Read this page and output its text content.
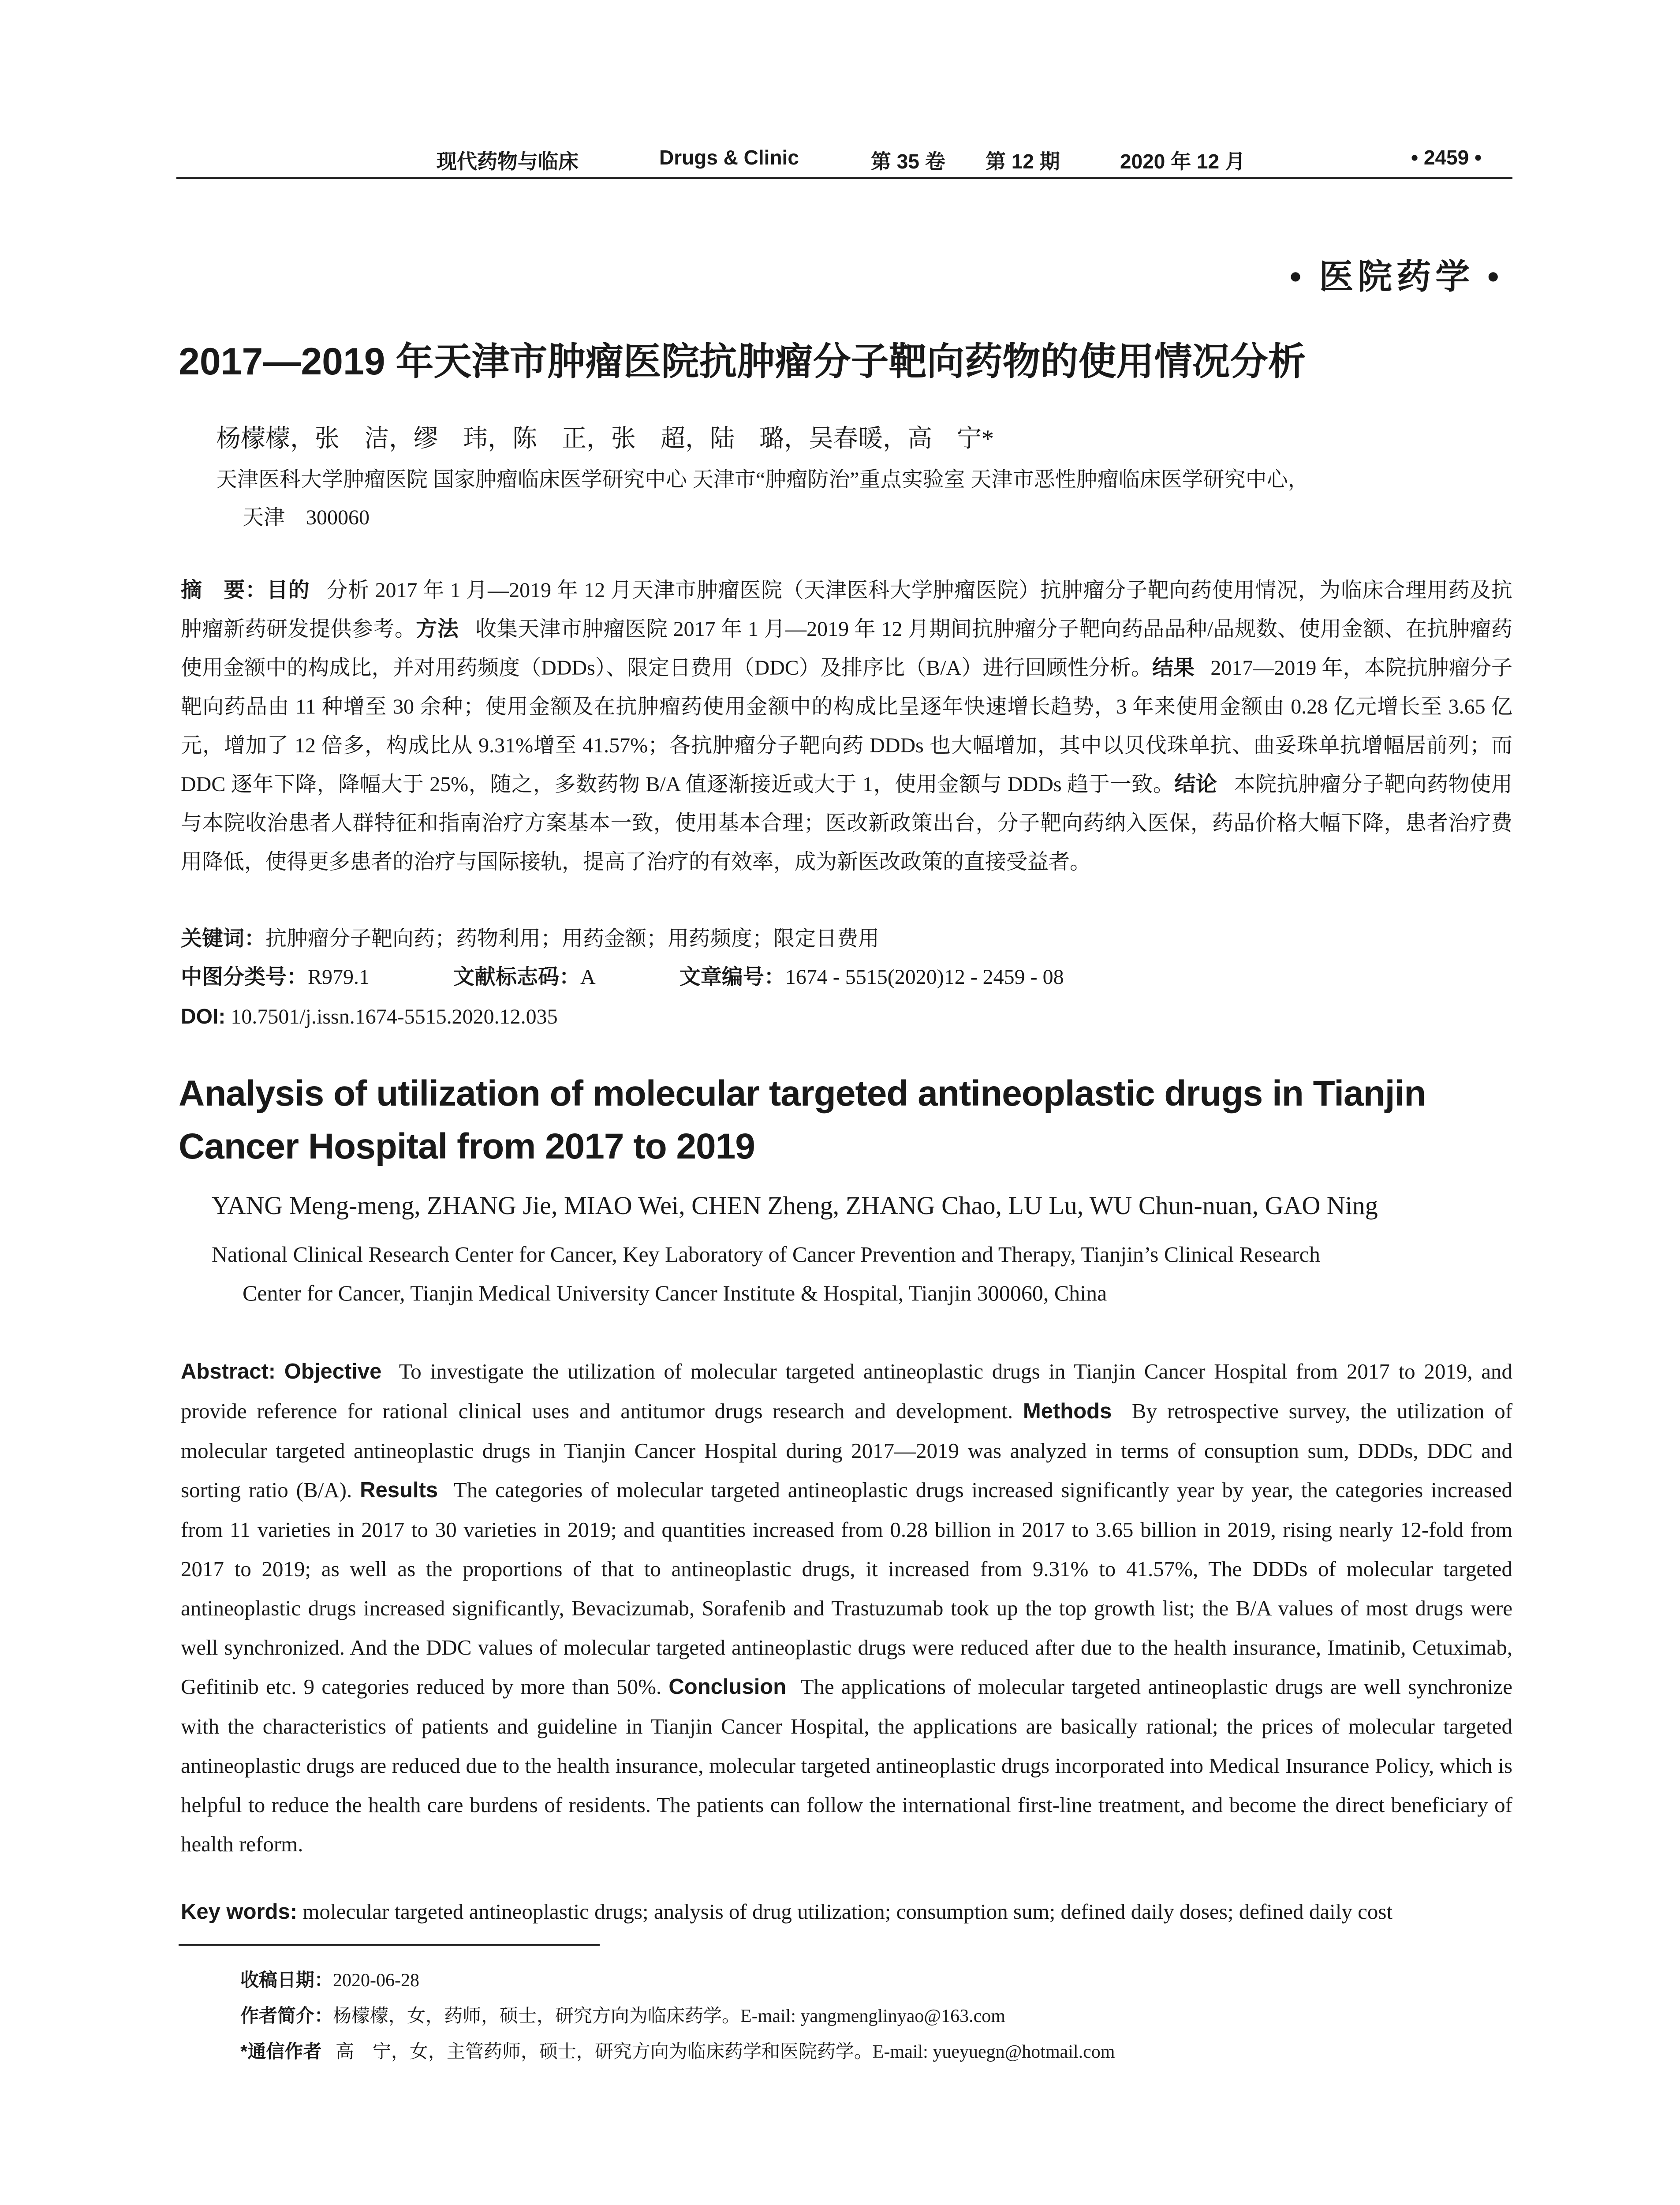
现代药物与临床	Drugs & Clinic	第 35 卷 第 12 期	2020 年 12 月	• 2459 •
• 医院药学 •
2017—2019 年天津市肿瘤医院抗肿瘤分子靶向药物的使用情况分析
杨檬檬，张　洁，缪　玮，陈　正，张　超，陆　璐，吴春暖，高　宁*
天津医科大学肿瘤医院 国家肿瘤临床医学研究中心 天津市“肿瘤防治”重点实验室 天津市恶性肿瘤临床医学研究中心，
天津　300060
摘　要：目的 分析 2017 年 1 月—2019 年 12 月天津市肿瘤医院（天津医科大学肿瘤医院）抗肿瘤分子靶向药使用情况，为临床合理用药及抗肿瘤新药研发提供参考。方法 收集天津市肿瘤医院 2017 年 1 月—2019 年 12 月期间抗肿瘤分子靶向药品品种/品规数、使用金额、在抗肿瘤药使用金额中的构成比，并对用药频度（DDDs）、限定日费用（DDC）及排序比（B/A）进行回顾性分析。结果 2017—2019 年，本院抗肿瘤分子靶向药品由 11 种增至 30 余种；使用金额及在抗肿瘤药使用金额中的构成比呈逐年快速增长趋势，3 年来使用金额由 0.28 亿元增长至 3.65 亿元，增加了 12 倍多，构成比从 9.31%增至 41.57%；各抗肿瘤分子靶向药 DDDs 也大幅增加，其中以贝伐珠单抗、曲妥珠单抗增幅居前列；而 DDC 逐年下降，降幅大于 25%，随之，多数药物 B/A 值逐渐接近或大于 1，使用金额与 DDDs 趋于一致。结论 本院抗肿瘤分子靶向药物使用与本院收治患者人群特征和指南治疗方案基本一致，使用基本合理；医改新政策出台，分子靶向药纳入医保，药品价格大幅下降，患者治疗费用降低，使得更多患者的治疗与国际接轨，提高了治疗的有效率，成为新医改政策的直接受益者。
关键词：抗肿瘤分子靶向药；药物利用；用药金额；用药频度；限定日费用
中图分类号：R979.1	文献标志码：A	文章编号：1674 - 5515(2020)12 - 2459 - 08
DOI: 10.7501/j.issn.1674-5515.2020.12.035
Analysis of utilization of molecular targeted antineoplastic drugs in Tianjin Cancer Hospital from 2017 to 2019
YANG Meng-meng, ZHANG Jie, MIAO Wei, CHEN Zheng, ZHANG Chao, LU Lu, WU Chun-nuan, GAO Ning
National Clinical Research Center for Cancer, Key Laboratory of Cancer Prevention and Therapy, Tianjin’s Clinical Research
Center for Cancer, Tianjin Medical University Cancer Institute & Hospital, Tianjin 300060, China
Abstract: Objective To investigate the utilization of molecular targeted antineoplastic drugs in Tianjin Cancer Hospital from 2017 to 2019, and provide reference for rational clinical uses and antitumor drugs research and development. Methods By retrospective survey, the utilization of molecular targeted antineoplastic drugs in Tianjin Cancer Hospital during 2017—2019 was analyzed in terms of consuption sum, DDDs, DDC and sorting ratio (B/A). Results The categories of molecular targeted antineoplastic drugs increased significantly year by year, the categories increased from 11 varieties in 2017 to 30 varieties in 2019; and quantities increased from 0.28 billion in 2017 to 3.65 billion in 2019, rising nearly 12-fold from 2017 to 2019; as well as the proportions of that to antineoplastic drugs, it increased from 9.31% to 41.57%, The DDDs of molecular targeted antineoplastic drugs increased significantly, Bevacizumab, Sorafenib and Trastuzumab took up the top growth list; the B/A values of most drugs were well synchronized. And the DDC values of molecular targeted antineoplastic drugs were reduced after due to the health insurance, Imatinib, Cetuximab, Gefitinib etc. 9 categories reduced by more than 50%. Conclusion The applications of molecular targeted antineoplastic drugs are well synchronize with the characteristics of patients and guideline in Tianjin Cancer Hospital, the applications are basically rational; the prices of molecular targeted antineoplastic drugs are reduced due to the health insurance, molecular targeted antineoplastic drugs incorporated into Medical Insurance Policy, which is helpful to reduce the health care burdens of residents. The patients can follow the international first-line treatment, and become the direct beneficiary of health reform.
Key words: molecular targeted antineoplastic drugs; analysis of drug utilization; consumption sum; defined daily doses; defined daily cost
收稿日期：2020-06-28
作者简介：杨檬檬，女，药师，硕士，研究方向为临床药学。E-mail: yangmenglinyao@163.com
*通信作者 高　宁，女，主管药师，硕士，研究方向为临床药学和医院药学。E-mail: yueyuegn@hotmail.com
